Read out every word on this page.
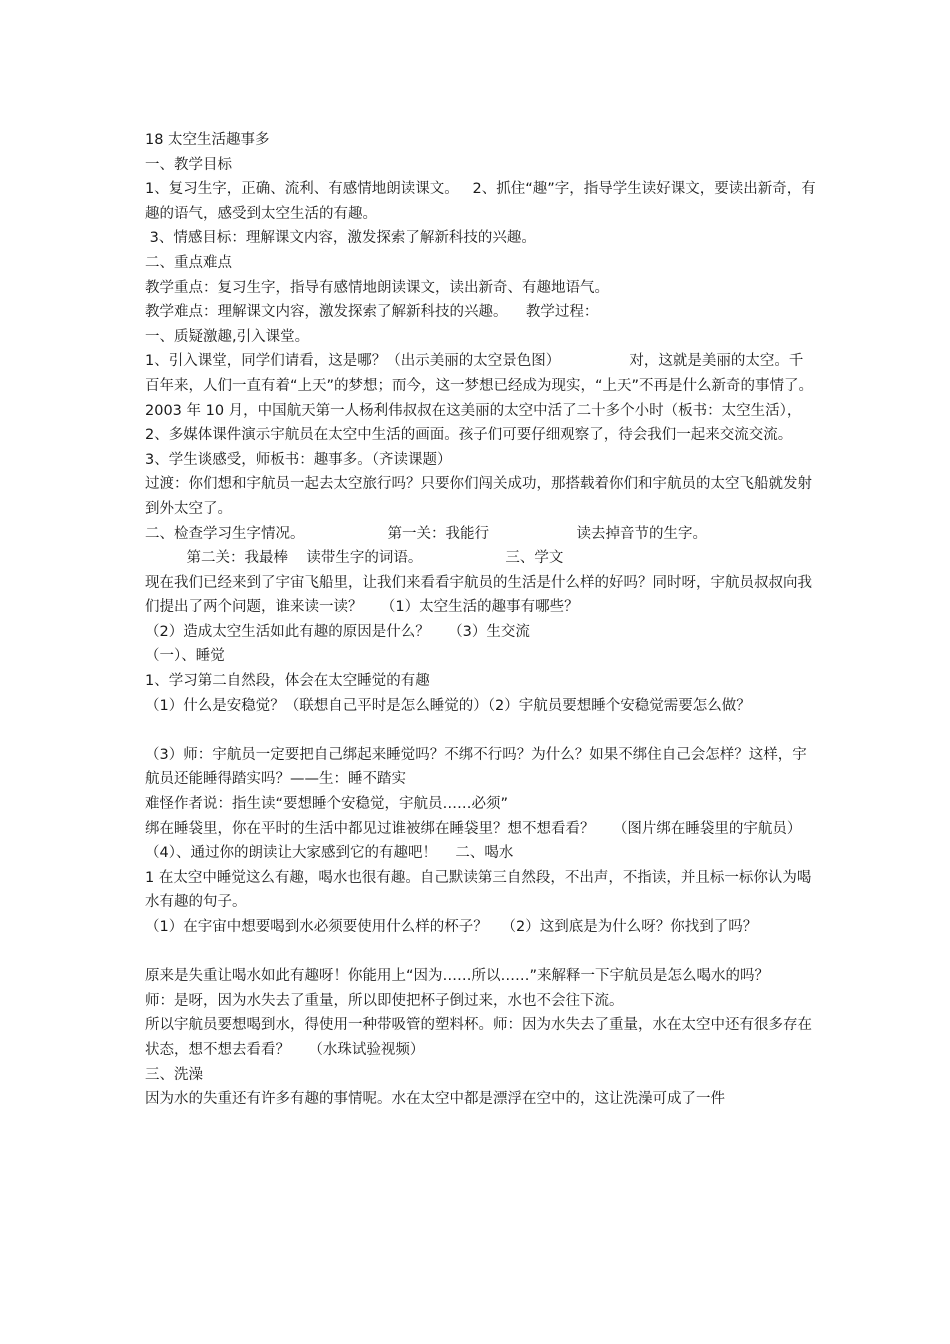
18 太空生活趣事多

一、教学目标

1、复习生字，正确、流利、有感情地朗读课文。   2、抓住“趣”字，指导学生读好课文，要读出新奇，有趣的语气，感受到太空生活的有趣。

3、情感目标：理解课文内容，激发探索了解新科技的兴趣。

二、重点难点

教学重点：复习生字，指导有感情地朗读课文，读出新奇、有趣地语气。

教学难点：理解课文内容，激发探索了解新科技的兴趣。    教学过程：

一、质疑激趣,引入课堂。

1、引入课堂，同学们请看，这是哪？（出示美丽的太空景色图）               对，这就是美丽的太空。千百年来，人们一直有着“上天”的梦想；而今，这一梦想已经成为现实，“上天”不再是什么新奇的事情了。2003 年 10 月，中国航天第一人杨利伟叔叔在这美丽的太空中活了二十多个小时（板书：太空生活），

2、多媒体课件演示宇航员在太空中生活的画面。孩子们可要仔细观察了，待会我们一起来交流交流。

3、学生谈感受，师板书：趣事多。（齐读课题）

过渡：你们想和宇航员一起去太空旅行吗？只要你们闯关成功，那搭载着你们和宇航员的太空飞船就发射到外太空了。

二、检查学习生字情况。                  第一关：我能行                   读去掉音节的生字。

第二关：我最棒    读带生字的词语。                  三、学文

现在我们已经来到了宇宙飞船里，让我们来看看宇航员的生活是什么样的好吗？同时呀，宇航员叔叔向我们提出了两个问题，谁来读一读？    （1）太空生活的趣事有哪些？

（2）造成太空生活如此有趣的原因是什么？    （3）生交流

（一）、睡觉

1、学习第二自然段，体会在太空睡觉的有趣

（1）什么是安稳觉？（联想自己平时是怎么睡觉的）（2）宇航员要想睡个安稳觉需要怎么做？

（3）师：宇航员一定要把自己绑起来睡觉吗？不绑不行吗？为什么？如果不绑住自己会怎样？这样，宇航员还能睡得踏实吗？——生：睡不踏实

难怪作者说：指生读“要想睡个安稳觉，宇航员……必须”

绑在睡袋里，你在平时的生活中都见过谁被绑在睡袋里？想不想看看？    （图片绑在睡袋里的宇航员）

（4）、通过你的朗读让大家感到它的有趣吧！    二、喝水

1 在太空中睡觉这么有趣，喝水也很有趣。自己默读第三自然段，不出声，不指读，并且标一标你认为喝水有趣的句子。

（1）在宇宙中想要喝到水必须要使用什么样的杯子？   （2）这到底是为什么呀？你找到了吗？

原来是失重让喝水如此有趣呀！你能用上“因为……所以……”来解释一下宇航员是怎么喝水的吗？

师：是呀，因为水失去了重量，所以即使把杯子倒过来，水也不会往下流。

所以宇航员要想喝到水，得使用一种带吸管的塑料杯。师：因为水失去了重量，水在太空中还有很多存在状态，想不想去看看？    （水珠试验视频）

三、洗澡

因为水的失重还有许多有趣的事情呢。水在太空中都是漂浮在空中的，这让洗澡可成了一件
